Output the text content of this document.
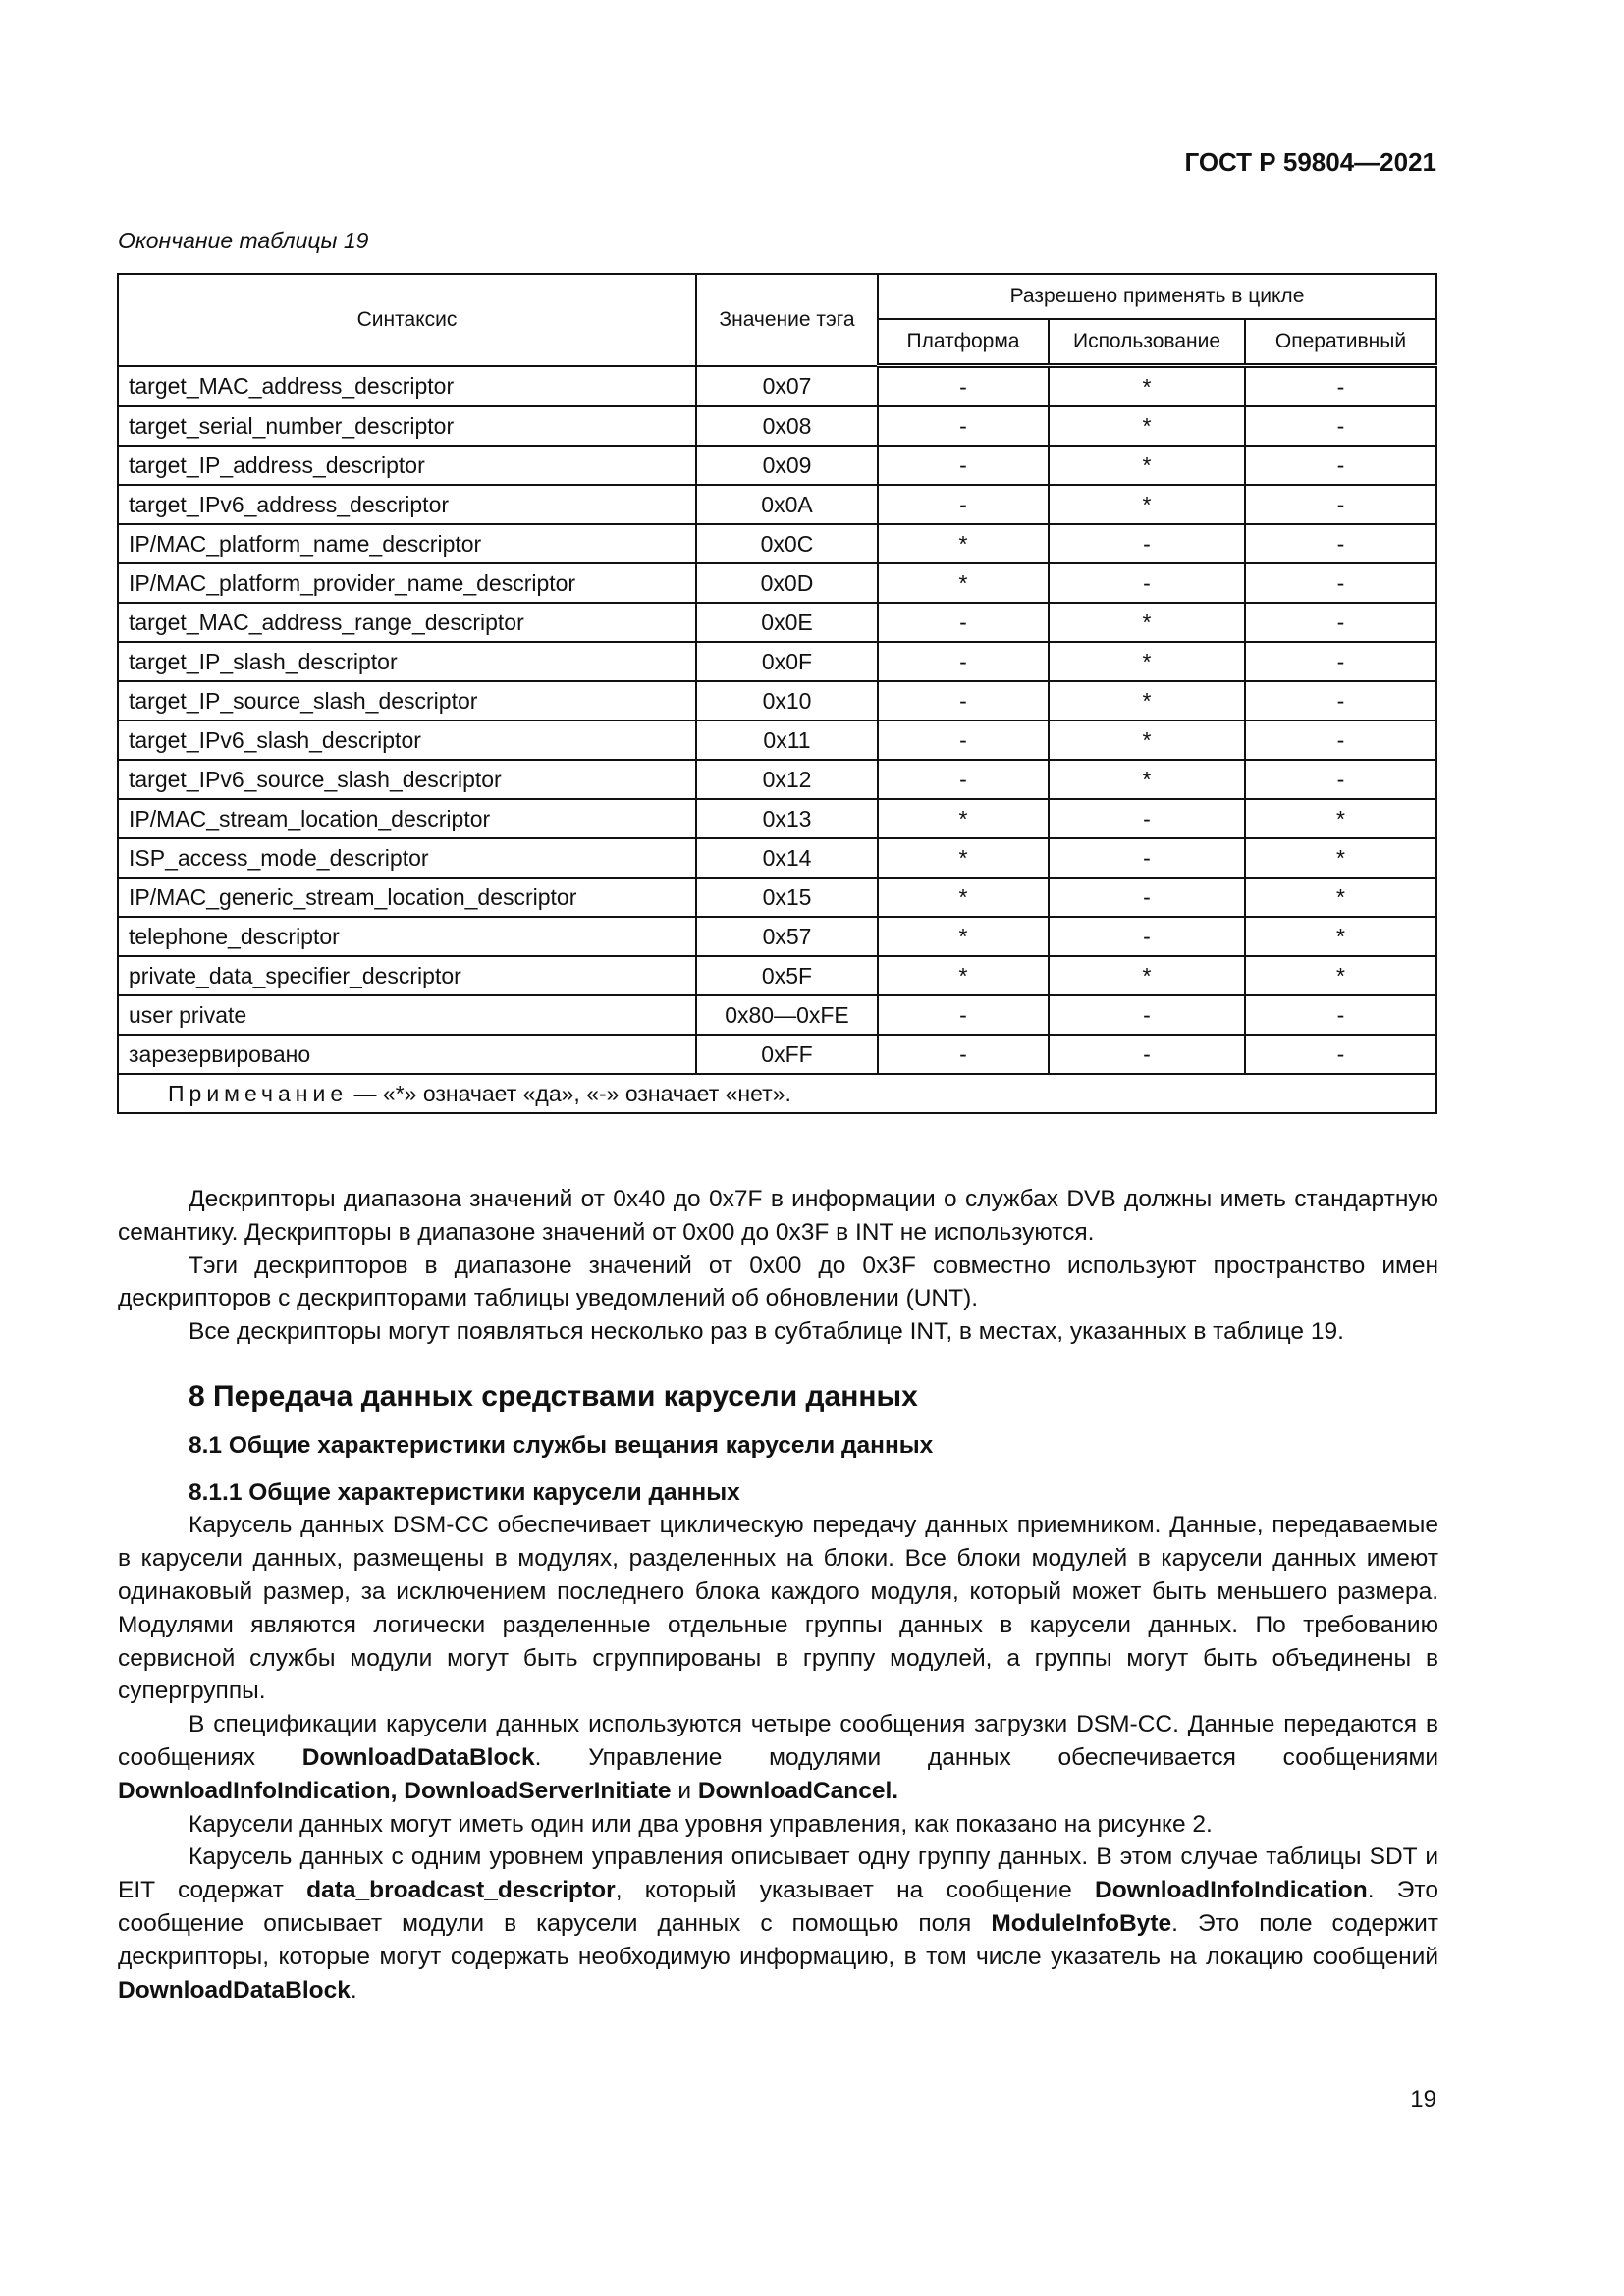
ГОСТ Р 59804—2021
Окончание таблицы 19
Синтаксис	Значение тэга	Разрешено применять в цикле		
		Платформа	Использование	Оперативный
target_MAC_address_descriptor	0x07	-	*	-
target_serial_number_descriptor	0x08	-	*	-
target_IP_address_descriptor	0x09	-	*	-
target_IPv6_address_descriptor	0x0A	-	*	-
IP/MAC_platform_name_descriptor	0x0C	*	-	-
IP/MAC_platform_provider_name_descriptor	0x0D	*	-	-
target_MAC_address_range_descriptor	0x0E	-	*	-
target_IP_slash_descriptor	0x0F	-	*	-
target_IP_source_slash_descriptor	0x10	-	*	-
target_IPv6_slash_descriptor	0x11	-	*	-
target_IPv6_source_slash_descriptor	0x12	-	*	-
IP/MAC_stream_location_descriptor	0x13	*	-	*
ISP_access_mode_descriptor	0x14	*	-	*
IP/MAC_generic_stream_location_descriptor	0x15	*	-	*
telephone_descriptor	0x57	*	-	*
private_data_specifier_descriptor	0x5F	*	*	*
user private	0x80—0xFE	-	-	-
зарезервировано	0xFF	-	-	-
Примечание — «*» означает «да», «-» означает «нет».				

Дескрипторы диапазона значений от 0x40 до 0x7F в информации о службах DVB должны иметь стандартную семантику. Дескрипторы в диапазоне значений от 0x00 до 0x3F в INT не используются.

Тэги дескрипторов в диапазоне значений от 0x00 до 0x3F совместно используют пространство имен дескрипторов с дескрипторами таблицы уведомлений об обновлении (UNT).

Все дескрипторы могут появляться несколько раз в субтаблице INT, в местах, указанных в таблице 19.

8 Передача данных средствами карусели данных
8.1 Общие характеристики службы вещания карусели данных
8.1.1 Общие характеристики карусели данных

Карусель данных DSM-CC обеспечивает циклическую передачу данных приемником. Данные, передаваемые в карусели данных, размещены в модулях, разделенных на блоки. Все блоки модулей в карусели данных имеют одинаковый размер, за исключением последнего блока каждого модуля, который может быть меньшего размера. Модулями являются логически разделенные отдельные группы данных в карусели данных. По требованию сервисной службы модули могут быть сгруппированы в группу модулей, а группы могут быть объединены в супергруппы.

В спецификации карусели данных используются четыре сообщения загрузки DSM-CC. Данные передаются в сообщениях DownloadDataBlock. Управление модулями данных обеспечивается сообщениями DownloadInfoIndication, DownloadServerInitiate и DownloadCancel.

Карусели данных могут иметь один или два уровня управления, как показано на рисунке 2.

Карусель данных с одним уровнем управления описывает одну группу данных. В этом случае таблицы SDT и EIT содержат data_broadcast_descriptor, который указывает на сообщение DownloadInfoIndication. Это сообщение описывает модули в карусели данных с помощью поля ModuleInfoByte. Это поле содержит дескрипторы, которые могут содержать необходимую информацию, в том числе указатель на локацию сообщений DownloadDataBlock.

19
